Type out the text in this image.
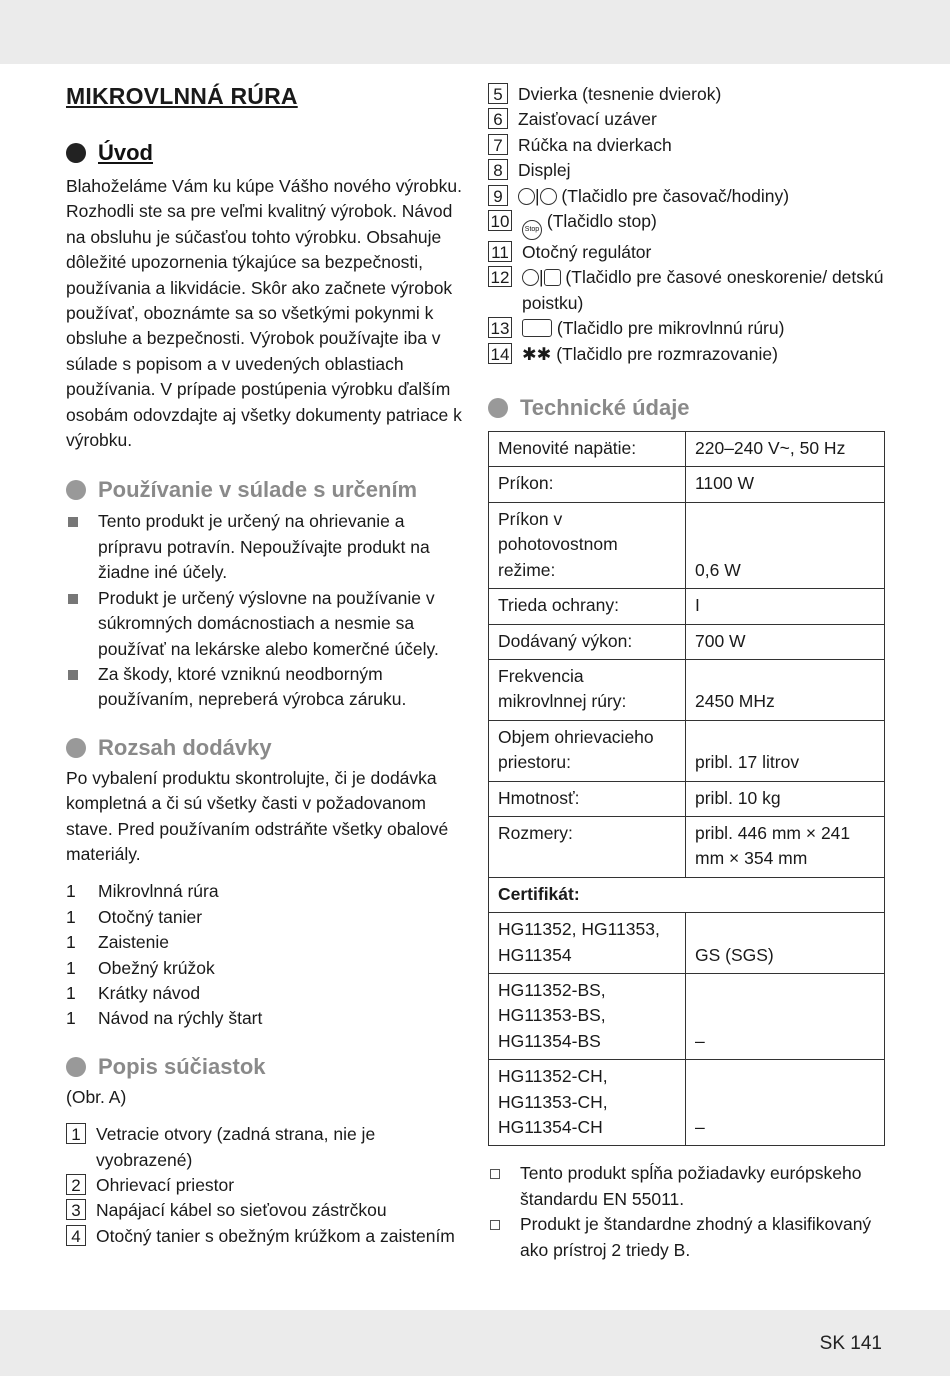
MIKROVLNNÁ RÚRA
Úvod

Blahoželáme Vám ku kúpe Vášho nového výrobku. Rozhodli ste sa pre veľmi kvalitný výrobok. Návod na obsluhu je súčasťou tohto výrobku. Obsahuje dôležité upozornenia týkajúce sa bezpečnosti, používania a likvidácie. Skôr ako začnete výrobok používať, oboznámte sa so všetkými pokynmi k obsluhe a bezpečnosti. Výrobok používajte iba v súlade s popisom a v uvedených oblastiach používania. V prípade postúpenia výrobku ďalším osobám odovzdajte aj všetky dokumenty patriace k výrobku.

Používanie v súlade s určením
Tento produkt je určený na ohrievanie a prípravu potravín. Nepoužívajte produkt na žiadne iné účely.
Produkt je určený výslovne na používanie v súkromných domácnostiach a nesmie sa používať na lekárske alebo komerčné účely.
Za škody, ktoré vzniknú neodborným používaním, nepreberá výrobca záruku.
Rozsah dodávky

Po vybalení produktu skontrolujte, či je dodávka kompletná a či sú všetky časti v požadovanom stave. Pred používaním odstráňte všetky obalové materiály.

1	Mikrovlnná rúra
1	Otočný tanier
1	Zaistenie
1	Obežný krúžok
1	Krátky návod
1	Návod na rýchly štart
Popis súčiastok

(Obr. A)

1 Vetracie otvory (zadná strana, nie je vyobrazené)
2 Ohrievací priestor
3 Napájací kábel so sieťovou zástrčkou
4 Otočný tanier s obežným krúžkom a zaistením
5 Dvierka (tesnenie dvierok)
6 Zaisťovací uzáver
7 Rúčka na dvierkach
8 Displej
9	| (Tlačidlo pre časovač/hodiny)
10	Stop (Tlačidlo stop)
11 Otočný regulátor
12	| (Tlačidlo pre časové oneskorenie/ detskú poistku)
13	(Tlačidlo pre mikrovlnnú rúru)
14 ✱✱ (Tlačidlo pre rozmrazovanie)
Technické údaje
Menovité napätie:	220–240 V~, 50 Hz
Príkon:	1100 W
Príkon v pohotovostnom režime:	0,6 W
Trieda ochrany:	I
Dodávaný výkon:	700 W
Frekvencia mikrovlnnej rúry:	2450 MHz
Objem ohrievacieho priestoru:	pribl. 17 litrov
Hmotnosť:	pribl. 10 kg
Rozmery:	pribl. 446 mm × 241 mm × 354 mm
Certifikát:	
HG11352, HG11353, HG11354	GS (SGS)
HG11352-BS, HG11353-BS, HG11354-BS	–
HG11352-CH, HG11353-CH, HG11354-CH	–
Tento produkt spĺňa požiadavky európskeho štandardu EN 55011.
Produkt je štandardne zhodný a klasifikovaný ako prístroj 2 triedy B.
SK 141
